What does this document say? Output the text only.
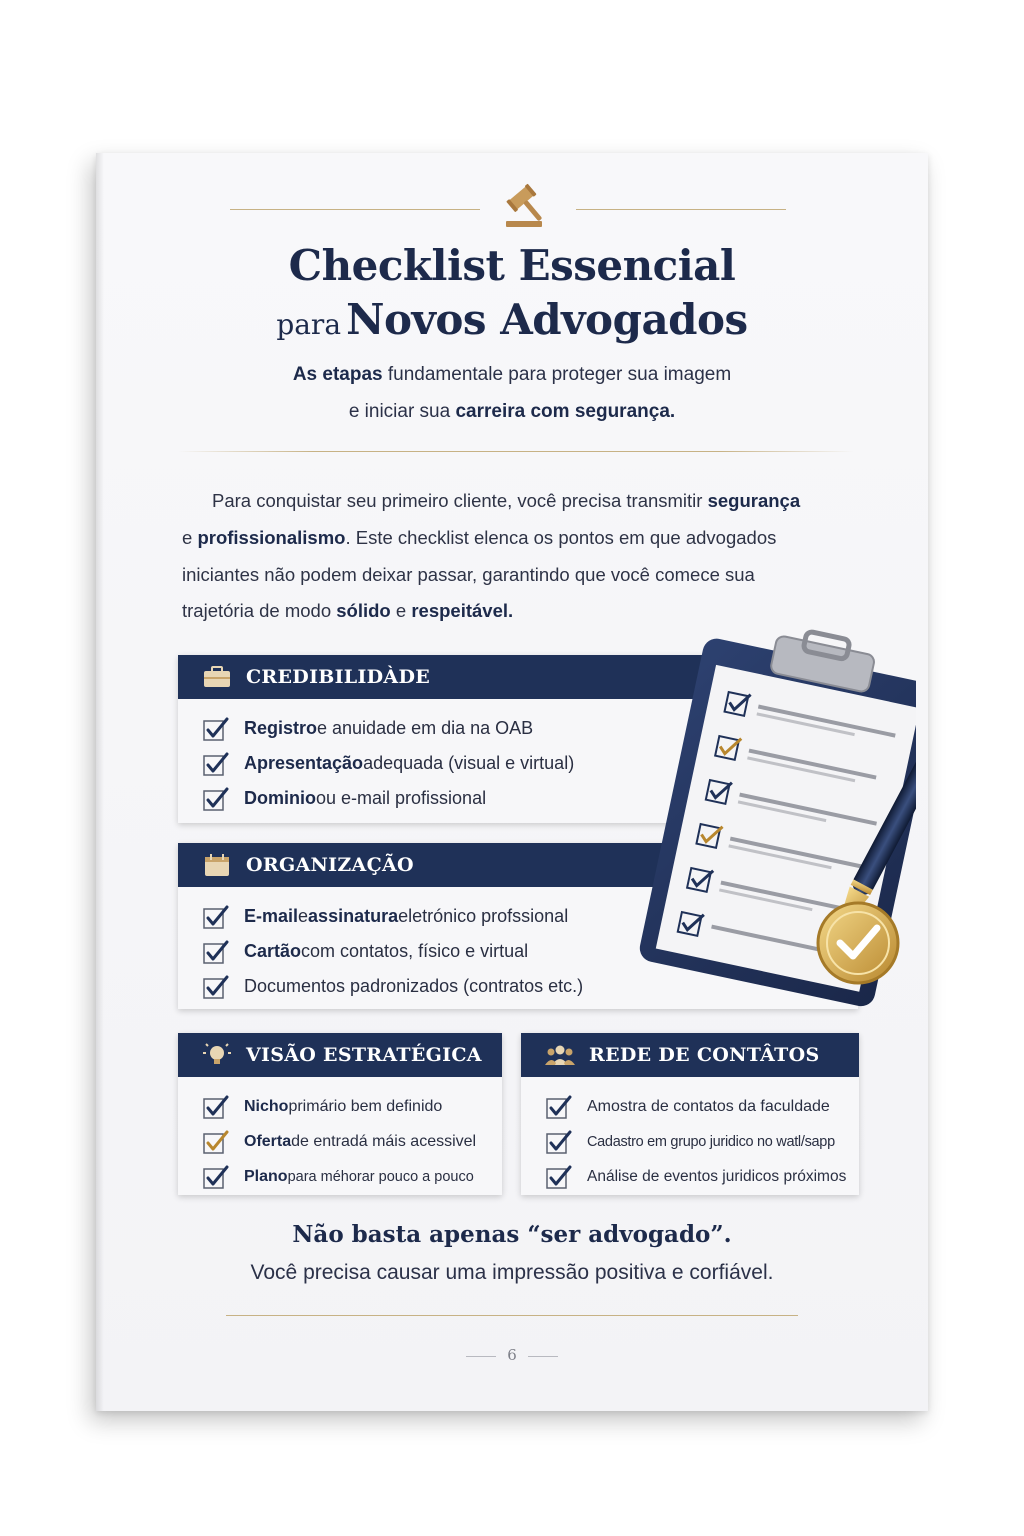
Checklist Essencial
para Novos Advogados
As etapas fundamentale para proteger sua imagem
e iniciar sua carreira com segurança.
Para conquistar seu primeiro cliente, você precisa transmitir segurança
e profissionalismo. Este checklist elenca os pontos em que advogados
iniciantes não podem deixar passar, garantindo que você comece sua
trajetória de modo sólido e respeitável.
CREDIBILIDÀDE
Registro e anuidade em dia na OAB
Apresentação adequada (visual e virtual)
Dominio ou e-mail profissional
ORGANIZAÇÃO
E-mail e assinatura eletrónico profssional
Cartão com contatos, físico e virtual
Documentos padronizados (contratos etc.)
VISÃO ESTRATÉGICA
Nicho primário bem definido
Oferta de entradá máis acessivel
Plano para méhorar pouco a pouco
REDE DE CONTÂTOS
Amostra de contatos da faculdade
Cadastro em grupo juridico no watl/sapp
Análise de eventos juridicos próximos
Não basta apenas “ser advogado”.
Você precisa causar uma impressão positiva e corfiável.
6
